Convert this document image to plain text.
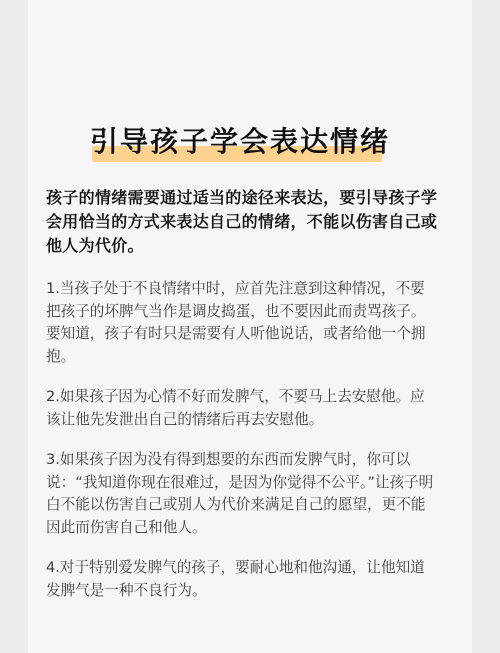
引导孩子学会表达情绪
孩子的情绪需要通过适当的途径来表达，要引导孩子学会用恰当的方式来表达自己的情绪，不能以伤害自己或他人为代价。

1.当孩子处于不良情绪中时，应首先注意到这种情况，不要把孩子的坏脾气当作是调皮捣蛋，也不要因此而责骂孩子。要知道，孩子有时只是需要有人听他说话，或者给他一个拥抱。

2.如果孩子因为心情不好而发脾气，不要马上去安慰他。应该让他先发泄出自己的情绪后再去安慰他。

3.如果孩子因为没有得到想要的东西而发脾气时，你可以说：“我知道你现在很难过，是因为你觉得不公平。”让孩子明白不能以伤害自己或别人为代价来满足自己的愿望，更不能因此而伤害自己和他人。

4.对于特别爱发脾气的孩子，要耐心地和他沟通，让他知道发脾气是一种不良行为。
